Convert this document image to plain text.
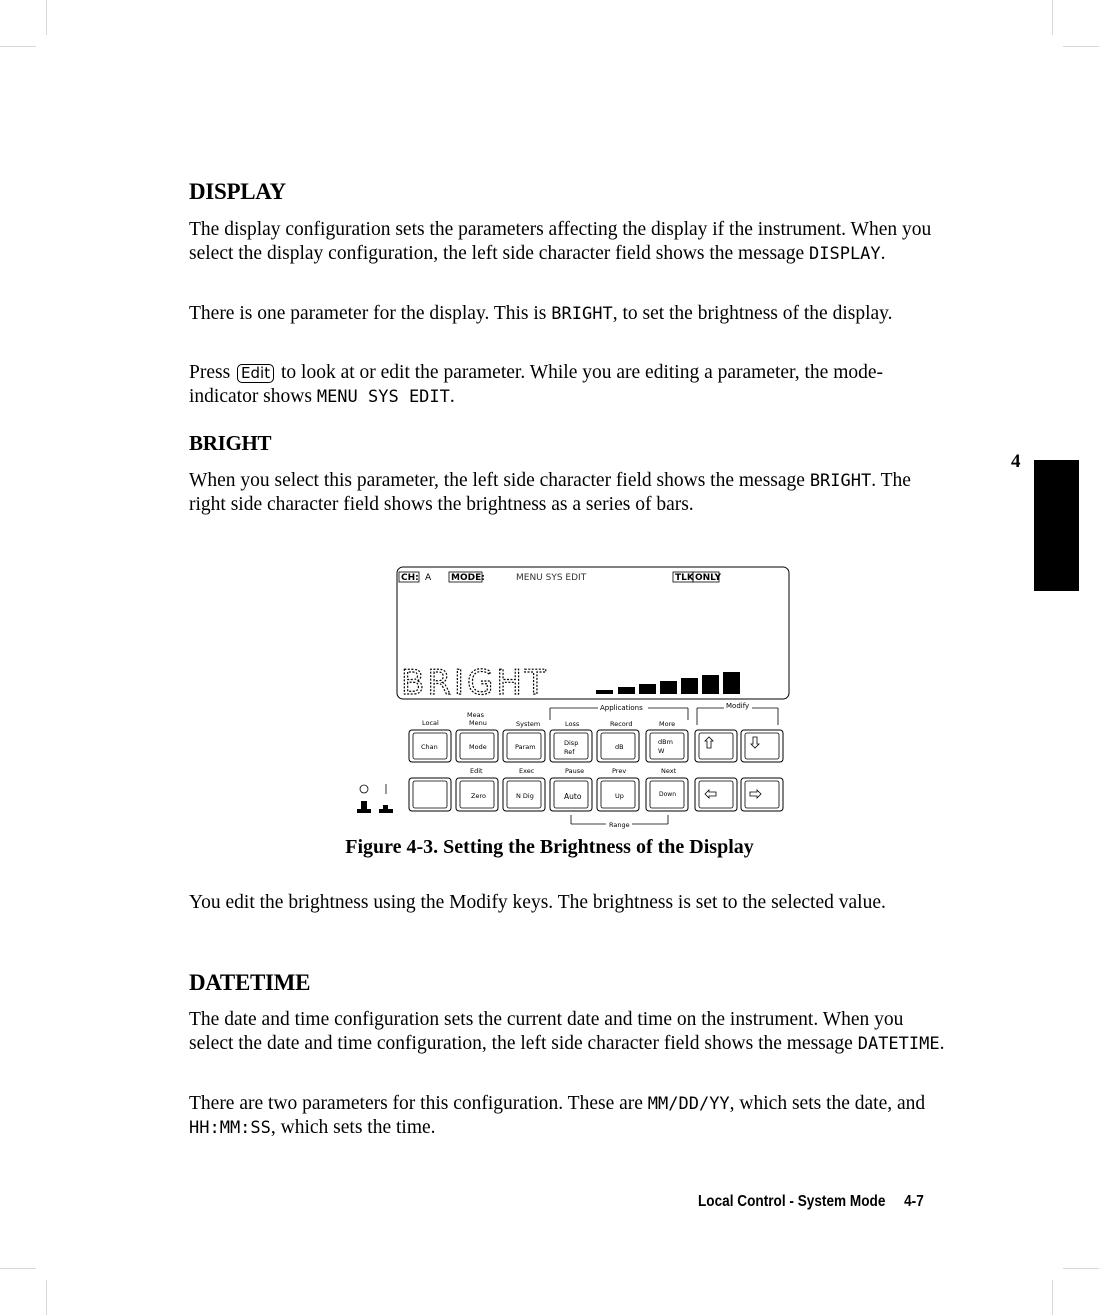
DISPLAY

The display configuration sets the parameters affecting the display if the instrument. When you select the display configuration, the left side character field shows the message DISPLAY.

There is one parameter for the display. This is BRIGHT, to set the brightness of the display.

Press Edit to look at or edit the parameter. While you are editing a parameter, the mode-indicator shows MENU SYS EDIT.

BRIGHT

When you select this parameter, the left side character field shows the message BRIGHT. The right side character field shows the brightness as a series of bars.

4
CH: A MODE:	MENU SYS EDIT	TLK ONLY
BRIGHT
Applications	Modify
Local
Meas
Menu	System	Loss	Record	More
Chan	Mode	Param	Disp
Ref
dB
dBm
W
Edit	Exec	Pause	Prev	Next
Zero	N Dig	Auto	Up	Down
Range

Figure 4-3. Setting the Brightness of the Display

You edit the brightness using the Modify keys. The brightness is set to the selected value.

DATETIME

The date and time configuration sets the current date and time on the instrument. When you select the date and time configuration, the left side character field shows the message DATETIME.

There are two parameters for this configuration. These are MM/DD/YY, which sets the date, and HH:MM:SS, which sets the time.

Local Control - System Mode 4-7
